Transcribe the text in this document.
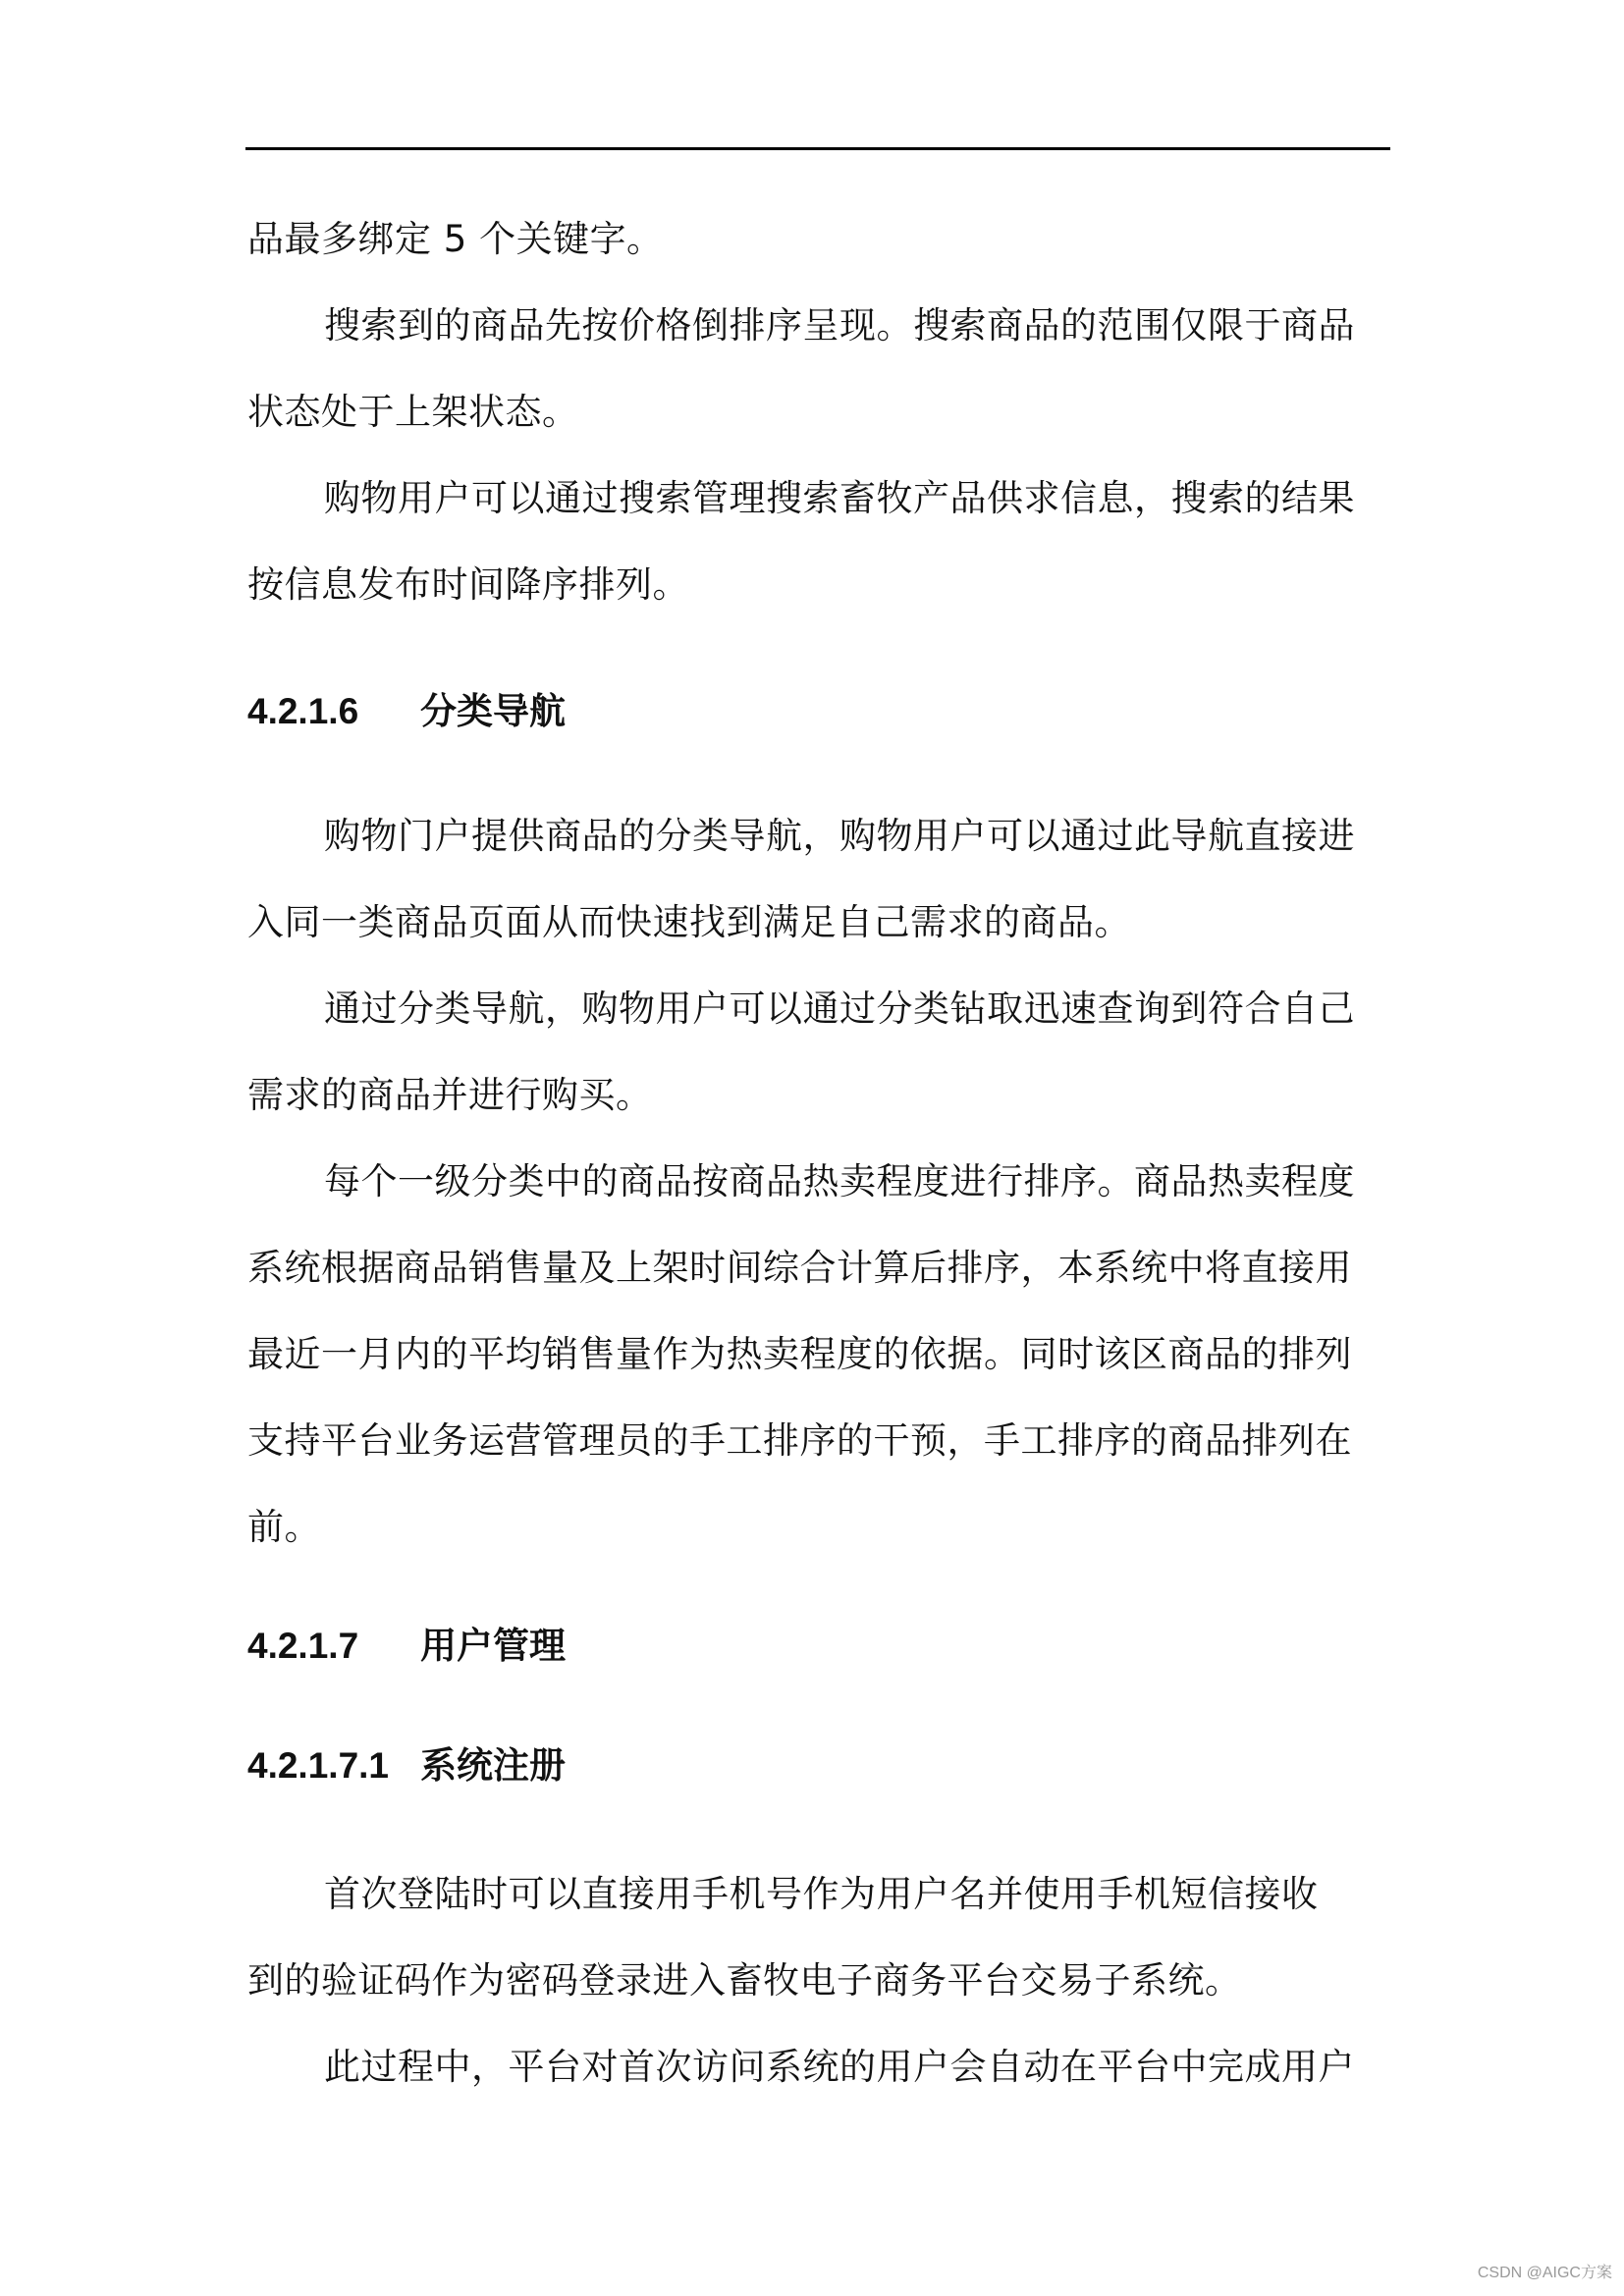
品最多绑定 5 个关键字。
搜索到的商品先按价格倒排序呈现。搜索商品的范围仅限于商品
状态处于上架状态。
购物用户可以通过搜索管理搜索畜牧产品供求信息，搜索的结果
按信息发布时间降序排列。
4.2.1.6 分类导航
购物门户提供商品的分类导航，购物用户可以通过此导航直接进
入同一类商品页面从而快速找到满足自己需求的商品。
通过分类导航，购物用户可以通过分类钻取迅速查询到符合自己
需求的商品并进行购买。
每个一级分类中的商品按商品热卖程度进行排序。商品热卖程度
系统根据商品销售量及上架时间综合计算后排序，本系统中将直接用
最近一月内的平均销售量作为热卖程度的依据。同时该区商品的排列
支持平台业务运营管理员的手工排序的干预，手工排序的商品排列在
前。
4.2.1.7 用户管理
4.2.1.7.1 系统注册
首次登陆时可以直接用手机号作为用户名并使用手机短信接收
到的验证码作为密码登录进入畜牧电子商务平台交易子系统。
此过程中，平台对首次访问系统的用户会自动在平台中完成用户
CSDN @AIGC方案
